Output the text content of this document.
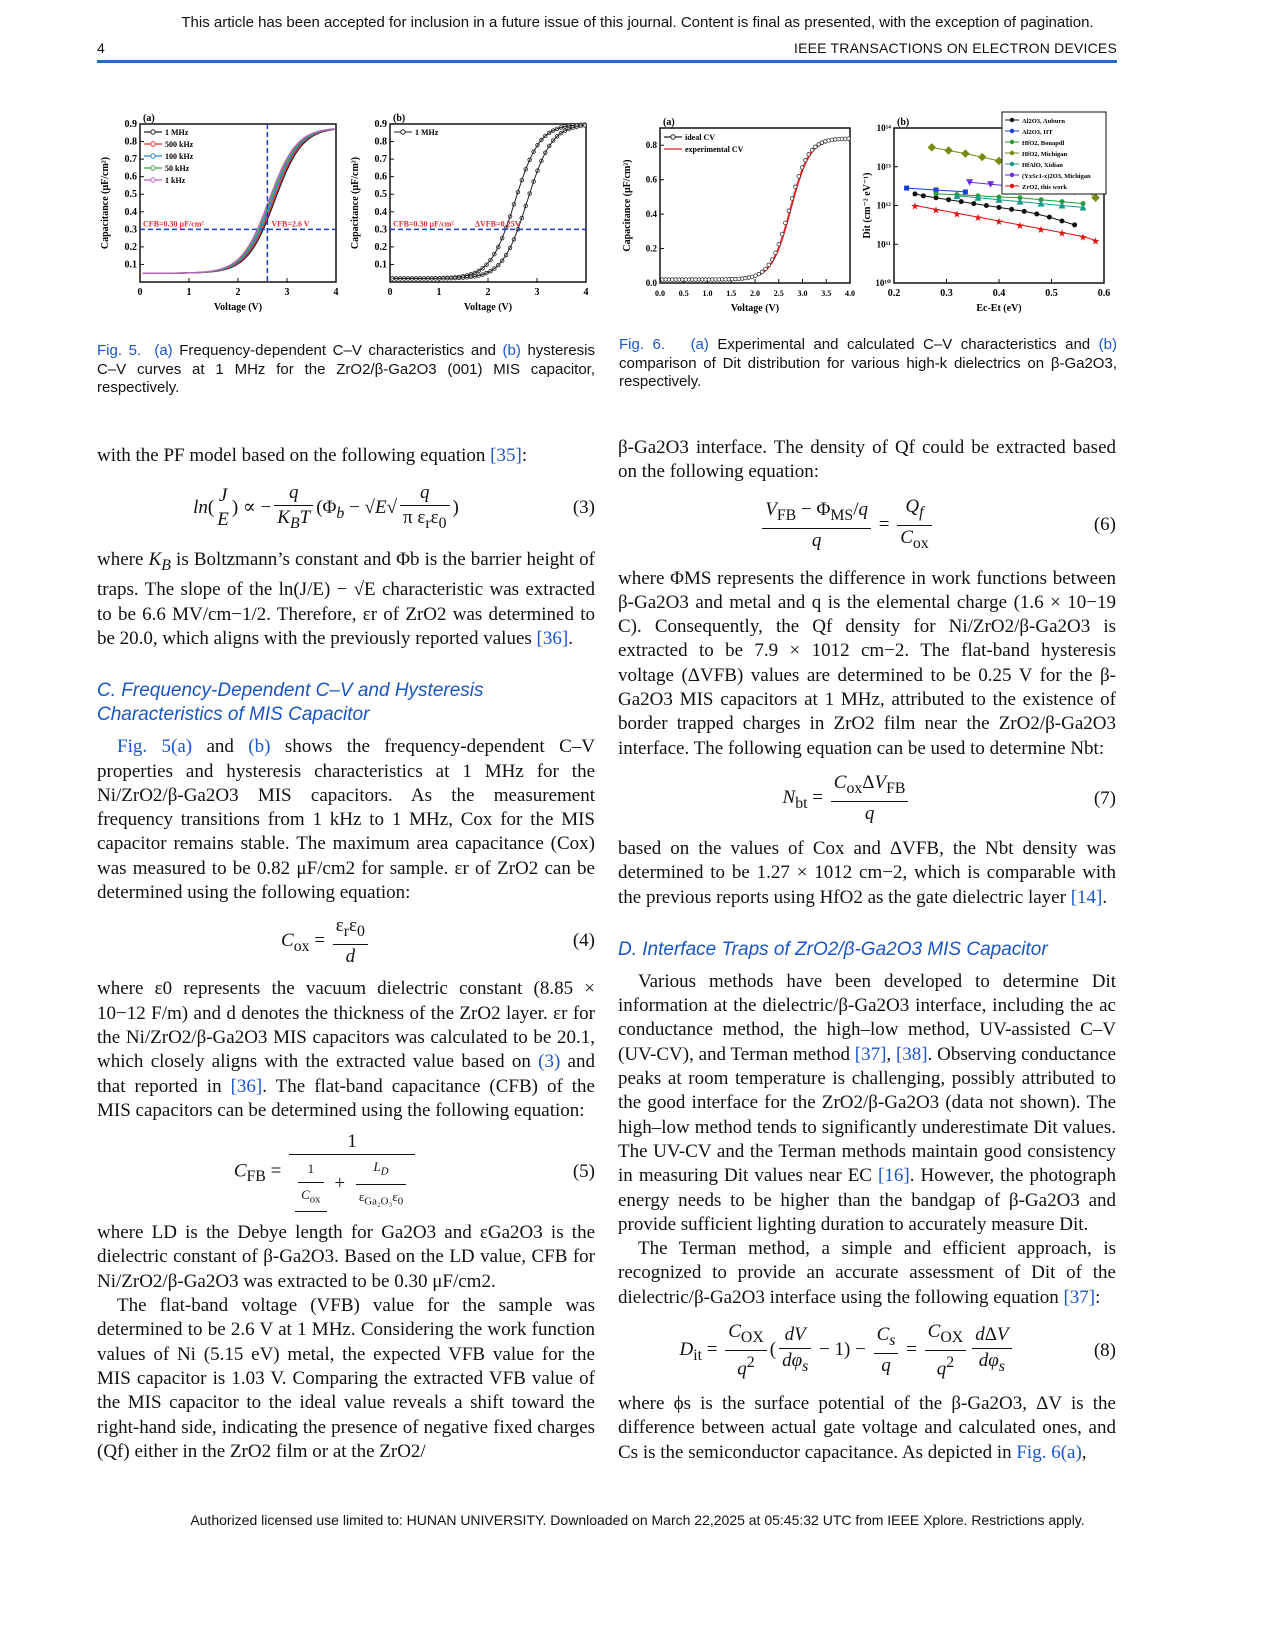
This article has been accepted for inclusion in a future issue of this journal. Content is final as presented, with the exception of pagination.
4	IEEE TRANSACTIONS ON ELECTRON DEVICES
(a)
0	1	2	3	4
Voltage (V)
Capacitance (μF/cm²)
0.1
0.2
0.3
0.4
0.5
0.6
0.7
0.8
0.9
1 MHz
500 kHz
100 kHz
50 kHz
1 kHz
CFB=0.30 μF/cm²	VFB=2.6 V
(b)
0	1	2	3	4
Voltage (V)
Capacitance (μF/cm²)
0.1
0.2
0.3
0.4
0.5
0.6
0.7
0.8
0.9
1 MHz
CFB=0.30 μF/cm²	ΔVFB=0.25V
(a)
0.0 0.5 1.0 1.5 2.0 2.5 3.0 3.5 4.0
Voltage (V)
Capacitance (μF/cm²)
0.0
0.2
0.4
0.6
0.8
ideal CV
experimental CV
(b)
0.2	0.3	0.4	0.5	0.6
Ec-Et (eV)
Dit (cm⁻² eV⁻¹)
10¹⁰
10¹¹
10¹²
10¹³
10¹⁴
★ ★ ★ ★ ★ ★ ★ ★ ★ ★
Al2O3, Auburn
Al2O3, IIT
HfO2, Bonapdl
HfO2, Michigan
HfAlO, Xidian
(YxSc1-x)2O3, Michigan
ZrO2, this work
Fig. 5. (a) Frequency-dependent C–V characteristics and (b) hysteresis C–V curves at 1 MHz for the ZrO2/β-Ga2O3 (001) MIS capacitor, respectively.
Fig. 6. (a) Experimental and calculated C–V characteristics and (b) comparison of Dit distribution for various high-k dielectrics on β-Ga2O3, respectively.

with the PF model based on the following equation [35]:

ln(
J
E
) ∝ − $\frac{q}{K_BT} (\Phi_b - √E√ \frac{q}{\pi \varepsilon_r\varepsilon_0}$ )	(3)

where $K_B$ is Boltzmann’s constant and Φb is the barrier height of traps. The slope of the ln(J/E) − √E characteristic was extracted to be 6.6 MV/cm−1/2. Therefore, εr of ZrO2 was determined to be 20.0, which aligns with the previously reported values [36].

C. Frequency-Dependent C–V and Hysteresis
Characteristics of MIS Capacitor

Fig. 5(a) and (b) shows the frequency-dependent C–V properties and hysteresis characteristics at 1 MHz for the Ni/ZrO2/β-Ga2O3 MIS capacitors. As the measurement frequency transitions from 1 kHz to 1 MHz, Cox for the MIS capacitor remains stable. The maximum area capacitance (Cox) was measured to be 0.82 μF/cm2 for sample. εr of ZrO2 can be determined using the following equation:

$C_{ox} = \frac{\varepsilon_r\varepsilon_0}{d}$	(4)

where ε0 represents the vacuum dielectric constant (8.85 × 10−12 F/m) and d denotes the thickness of the ZrO2 layer. εr for the Ni/ZrO2/β-Ga2O3 MIS capacitors was calculated to be 20.1, which closely aligns with the extracted value based on (3) and that reported in [36]. The flat-band capacitance (CFB) of the MIS capacitors can be determined using the following equation:

$C_{FB} = \frac{1}{\frac{1}{C_{ox}} + \frac{L_D}{\varepsilon_{Ga_2O_3}\varepsilon_0}}$	(5)

where LD is the Debye length for Ga2O3 and εGa2O3 is the dielectric constant of β-Ga2O3. Based on the LD value, CFB for Ni/ZrO2/β-Ga2O3 was extracted to be 0.30 μF/cm2.

The flat-band voltage (VFB) value for the sample was determined to be 2.6 V at 1 MHz. Considering the work function values of Ni (5.15 eV) metal, the expected VFB value for the MIS capacitor is 1.03 V. Comparing the extracted VFB value of the MIS capacitor to the ideal value reveals a shift toward the right-hand side, indicating the presence of negative fixed charges (Qf) either in the ZrO2 film or at the ZrO2/

β-Ga2O3 interface. The density of Qf could be extracted based on the following equation:

$\frac{V_{FB} - \Phi_{MS}/q}{q} = \frac{Q_f}{C_{ox}}$	(6)

where ΦMS represents the difference in work functions between β-Ga2O3 and metal and q is the elemental charge (1.6 × 10−19 C). Consequently, the Qf density for Ni/ZrO2/β-Ga2O3 is extracted to be 7.9 × 1012 cm−2. The flat-band hysteresis voltage (ΔVFB) values are determined to be 0.25 V for the β-Ga2O3 MIS capacitors at 1 MHz, attributed to the existence of border trapped charges in ZrO2 film near the ZrO2/β-Ga2O3 interface. The following equation can be used to determine Nbt:

$N_{bt} = \frac{C_{ox}\Delta V_{FB}}{q}$	(7)

based on the values of Cox and ΔVFB, the Nbt density was determined to be 1.27 × 1012 cm−2, which is comparable with the previous reports using HfO2 as the gate dielectric layer [14].

D. Interface Traps of ZrO2/β-Ga2O3 MIS Capacitor

Various methods have been developed to determine Dit information at the dielectric/β-Ga2O3 interface, including the ac conductance method, the high–low method, UV-assisted C–V (UV-CV), and Terman method [37], [38]. Observing conductance peaks at room temperature is challenging, possibly attributed to the good interface for the ZrO2/β-Ga2O3 (data not shown). The high–low method tends to significantly underestimate Dit values. The UV-CV and the Terman methods maintain good consistency in measuring Dit values near EC [16]. However, the photograph energy needs to be higher than the bandgap of β-Ga2O3 and provide sufficient lighting duration to accurately measure Dit.

The Terman method, a simple and efficient approach, is recognized to provide an accurate assessment of Dit of the dielectric/β-Ga2O3 interface using the following equation [37]:

$D_{it} = \frac{C_{OX}}{q^2}$ ( $\frac{dV}{d\varphi_s} - 1) - \frac{C_s}{q} = \frac{C_{OX}}{q^2} \frac{\text{dΔV}}{d\varphi_s}$	(8)

where ϕs is the surface potential of the β-Ga2O3, ΔV is the difference between actual gate voltage and calculated ones, and Cs is the semiconductor capacitance. As depicted in Fig. 6(a),

Authorized licensed use limited to: HUNAN UNIVERSITY. Downloaded on March 22,2025 at 05:45:32 UTC from IEEE Xplore. Restrictions apply.
